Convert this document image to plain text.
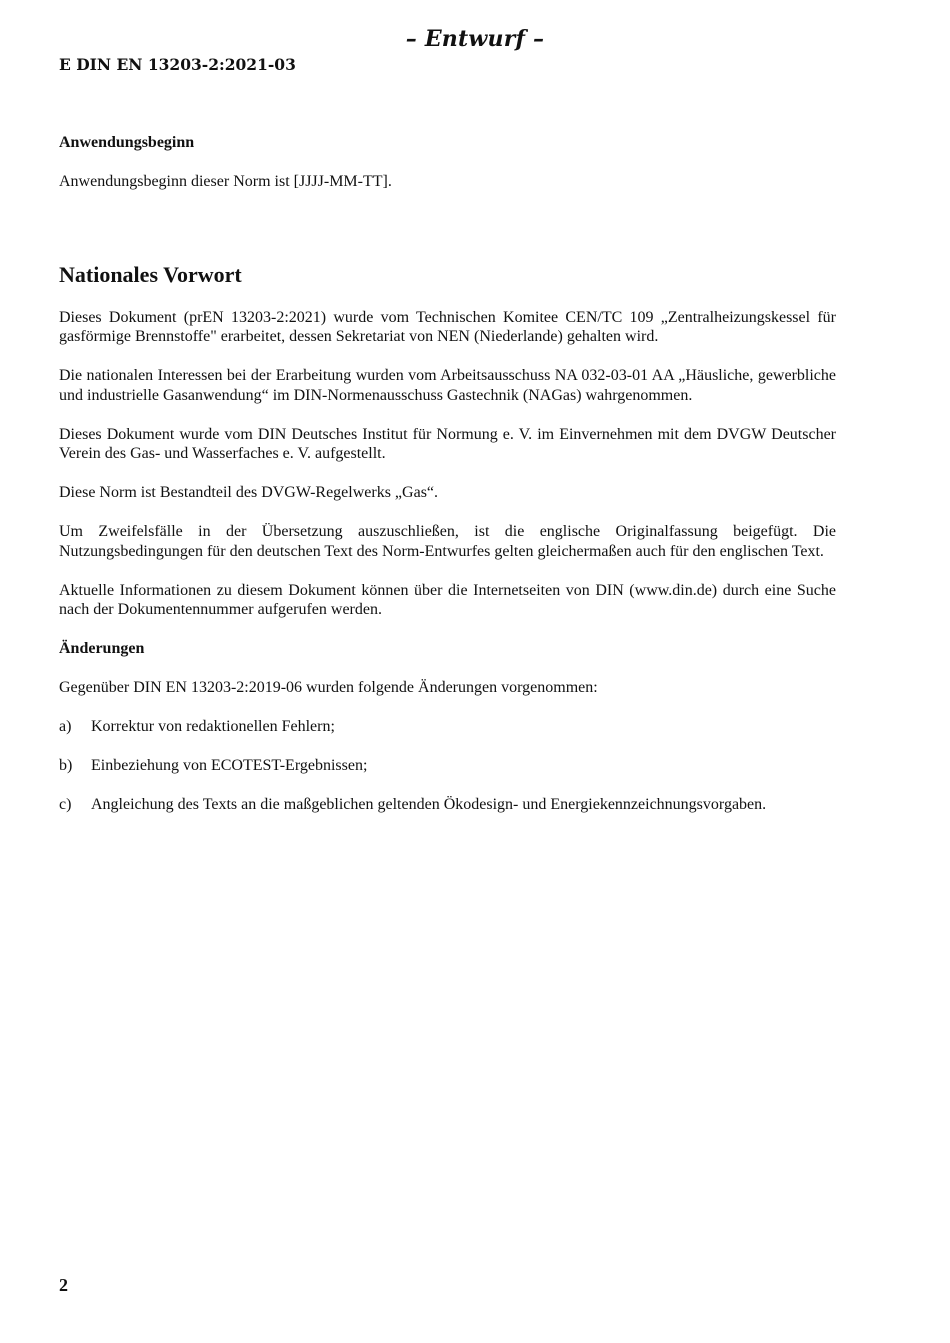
– Entwurf –
E DIN EN 13203-2:2021-03

Anwendungsbeginn

Anwendungsbeginn dieser Norm ist [JJJJ-MM-TT].

Nationales Vorwort

Dieses Dokument (prEN 13203-2:2021) wurde vom Technischen Komitee CEN/TC 109 „Zentralheizungskessel für gasförmige Brennstoffe" erarbeitet, dessen Sekretariat von NEN (Niederlande) gehalten wird.

Die nationalen Interessen bei der Erarbeitung wurden vom Arbeitsausschuss NA 032-03-01 AA „Häusliche, gewerbliche und industrielle Gasanwendung“ im DIN-Normenausschuss Gastechnik (NAGas) wahrgenommen.

Dieses Dokument wurde vom DIN Deutsches Institut für Normung e. V. im Einvernehmen mit dem DVGW Deutscher Verein des Gas- und Wasserfaches e. V. aufgestellt.

Diese Norm ist Bestandteil des DVGW-Regelwerks „Gas“.

Um Zweifelsfälle in der Übersetzung auszuschließen, ist die englische Originalfassung beigefügt. Die Nutzungsbedingungen für den deutschen Text des Norm-Entwurfes gelten gleichermaßen auch für den englischen Text.

Aktuelle Informationen zu diesem Dokument können über die Internetseiten von DIN (www.din.de) durch eine Suche nach der Dokumentennummer aufgerufen werden.

Änderungen

Gegenüber DIN EN 13203-2:2019-06 wurden folgende Änderungen vorgenommen:

a)	Korrektur von redaktionellen Fehlern;
b)	Einbeziehung von ECOTEST-Ergebnissen;
c)	Angleichung des Texts an die maßgeblichen geltenden Ökodesign- und Energiekennzeichnungsvorgaben.
2
